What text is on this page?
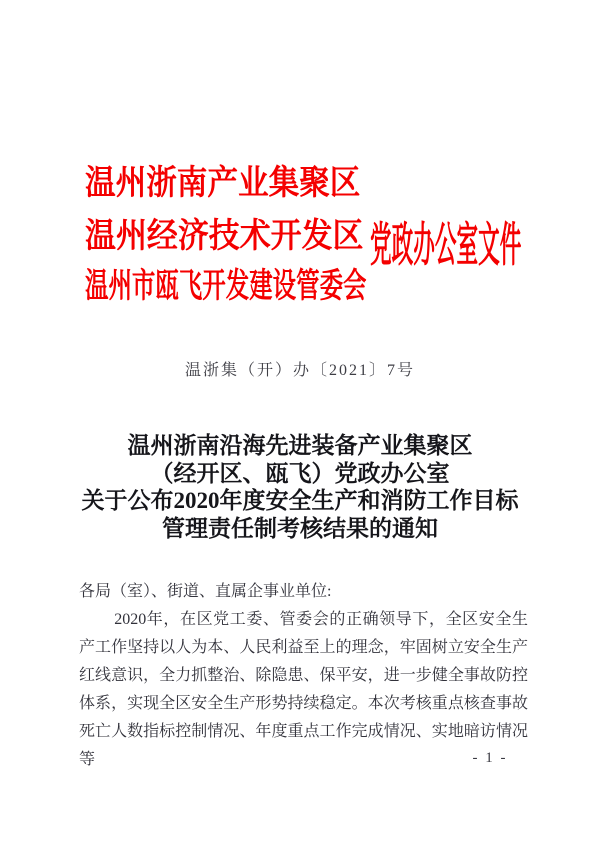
温州浙南产业集聚区
温州经济技术开发区
温州市瓯飞开发建设管委会
党政办公室文件
温浙集（开）办〔2021〕7号
温州浙南沿海先进装备产业集聚区
（经开区、瓯飞）党政办公室
关于公布2020年度安全生产和消防工作目标
管理责任制考核结果的通知

各局（室）、街道、直属企事业单位:

2020年，在区党工委、管委会的正确领导下，全区安全生产工作坚持以人为本、人民利益至上的理念，牢固树立安全生产红线意识，全力抓整治、除隐患、保平安，进一步健全事故防控体系，实现全区安全生产形势持续稳定。本次考核重点核查事故死亡人数指标控制情况、年度重点工作完成情况、实地暗访情况等	- 1 -
